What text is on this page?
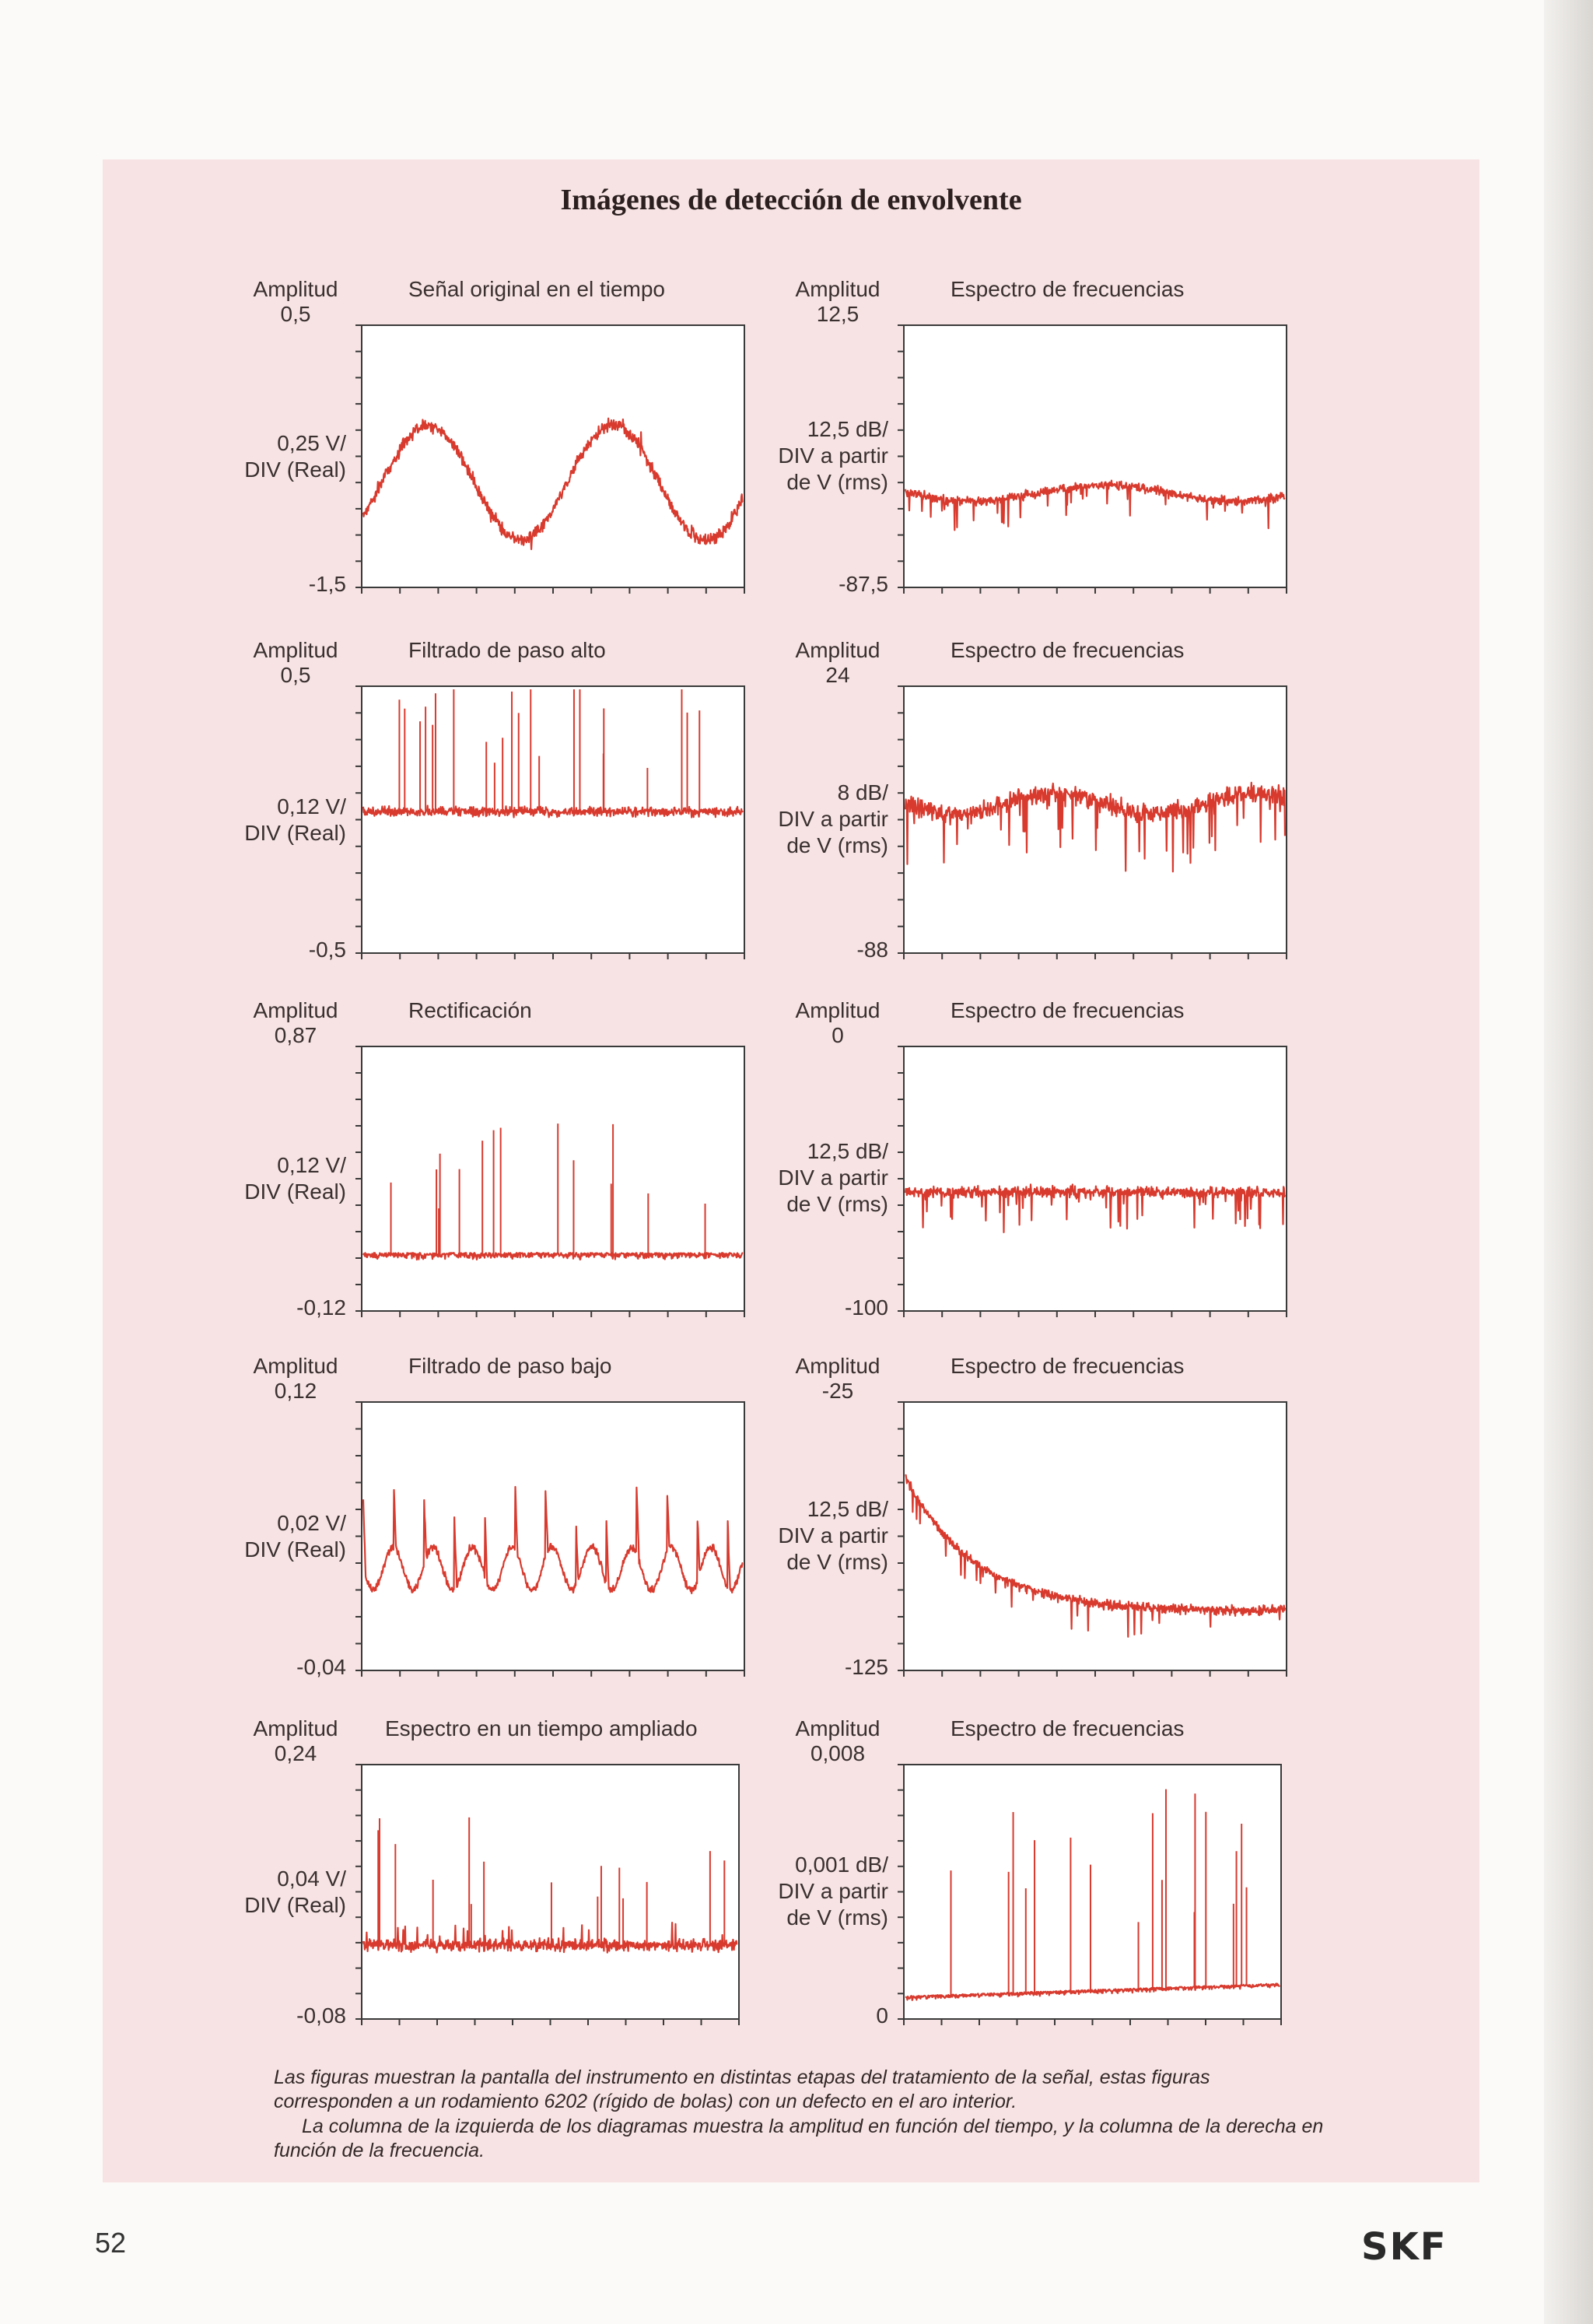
Imágenes de detección de envolvente
Amplitud
0,5
Señal original en el tiempo
-1,5
0,25 V/
DIV (Real)
Amplitud
12,5
Espectro de frecuencias
-87,5
12,5 dB/
DIV a partir
de V (rms)
Amplitud
0,5
Filtrado de paso alto
-0,5
0,12 V/
DIV (Real)
Amplitud
24
Espectro de frecuencias
-88
8 dB/
DIV a partir
de V (rms)
Amplitud
0,87
Rectificación
-0,12
0,12 V/
DIV (Real)
Amplitud
0
Espectro de frecuencias
-100
12,5 dB/
DIV a partir
de V (rms)
Amplitud
0,12
Filtrado de paso bajo
-0,04
0,02 V/
DIV (Real)
Amplitud
-25
Espectro de frecuencias
-125
12,5 dB/
DIV a partir
de V (rms)
Amplitud
0,24
Espectro en un tiempo ampliado
-0,08
0,04 V/
DIV (Real)
Amplitud
0,008
Espectro de frecuencias
0
0,001 dB/
DIV a partir
de V (rms)

Las figuras muestran la pantalla del instrumento en distintas etapas del tratamiento de la señal, estas figuras corresponden a un rodamiento 6202 (rígido de bolas) con un defecto en el aro interior.

La columna de la izquierda de los diagramas muestra la amplitud en función del tiempo, y la columna de la derecha en función de la frecuencia.

52	SKF
